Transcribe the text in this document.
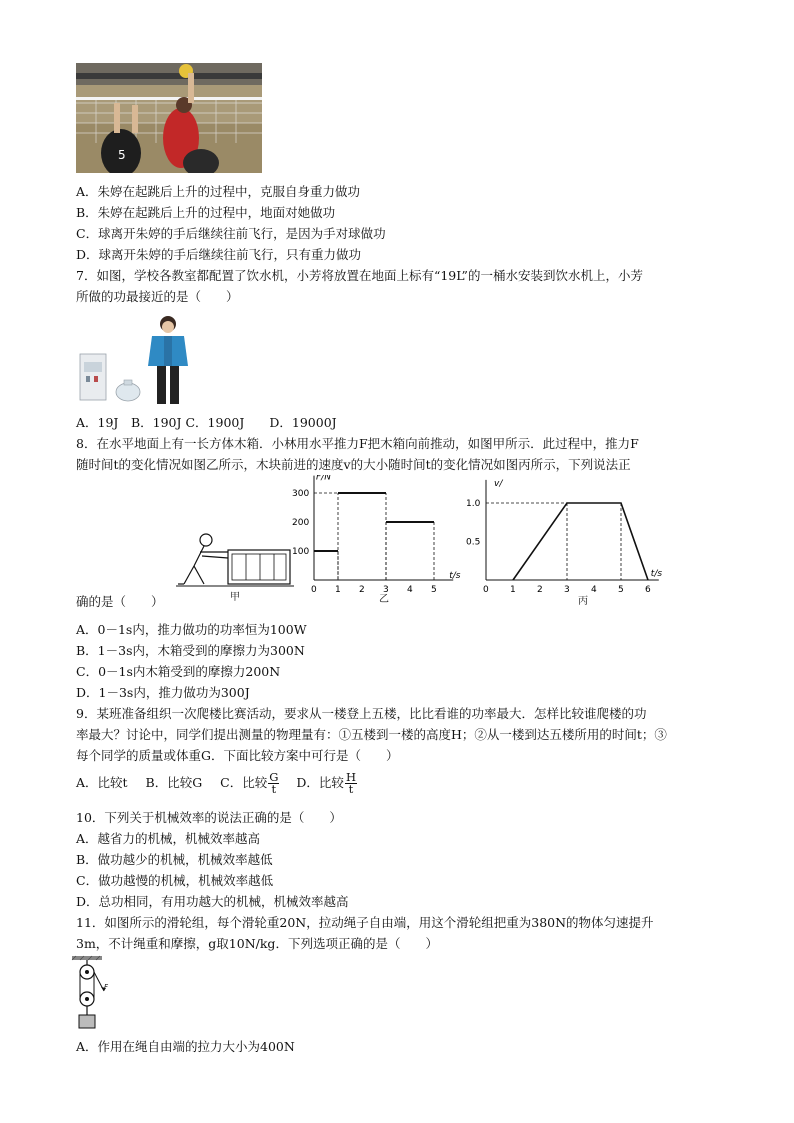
5
A．朱婷在起跳后上升的过程中，克服自身重力做功
B．朱婷在起跳后上升的过程中，地面对她做功
C．球离开朱婷的手后继续往前飞行，是因为手对球做功
D．球离开朱婷的手后继续往前飞行，只有重力做功
7．如图，学校各教室都配置了饮水机，小芳将放置在地面上标有“19L”的一桶水安装到饮水机上，小芳
所做的功最接近的是（　　）
A．19J　B．190J C．1900J　　D．19000J
8．在水平地面上有一长方体木箱．小林用水平推力F把木箱向前推动，如图甲所示．此过程中，推力F
随时间t的变化情况如图乙所示，木块前进的速度v的大小随时间t的变化情况如图丙所示，下列说法正
甲
t/s
F/N
0 1 2 3 4 5
100
200
300
乙
t/s
v/
0 1 2 3 4 5 6
0.5
1.0
丙
确的是（　　）
A．0－1s内，推力做功的功率恒为100W
B．1－3s内，木箱受到的摩擦力为300N
C．0－1s内木箱受到的摩擦力200N
D．1－3s内，推力做功为300J
9．某班准备组织一次爬楼比赛活动，要求从一楼登上五楼，比比看谁的功率最大．怎样比较谁爬楼的功
率最大？讨论中，同学们提出测量的物理量有：①五楼到一楼的高度H；②从一楼到达五楼所用的时间t；③
每个同学的质量或体重G．下面比较方案中可行是（　　）
A．比较t B．比较G C．比较 $\frac{G}{t}$ D．比较 $\frac{H}{t}$
10．下列关于机械效率的说法正确的是（　　）
A．越省力的机械，机械效率越高
B．做功越少的机械，机械效率越低
C．做功越慢的机械，机械效率越低
D．总功相同，有用功越大的机械，机械效率越高
11．如图所示的滑轮组，每个滑轮重20N，拉动绳子自由端，用这个滑轮组把重为380N的物体匀速提升
3m，不计绳重和摩擦，g取10N/kg．下列选项正确的是（　　）
F
A．作用在绳自由端的拉力大小为400N
